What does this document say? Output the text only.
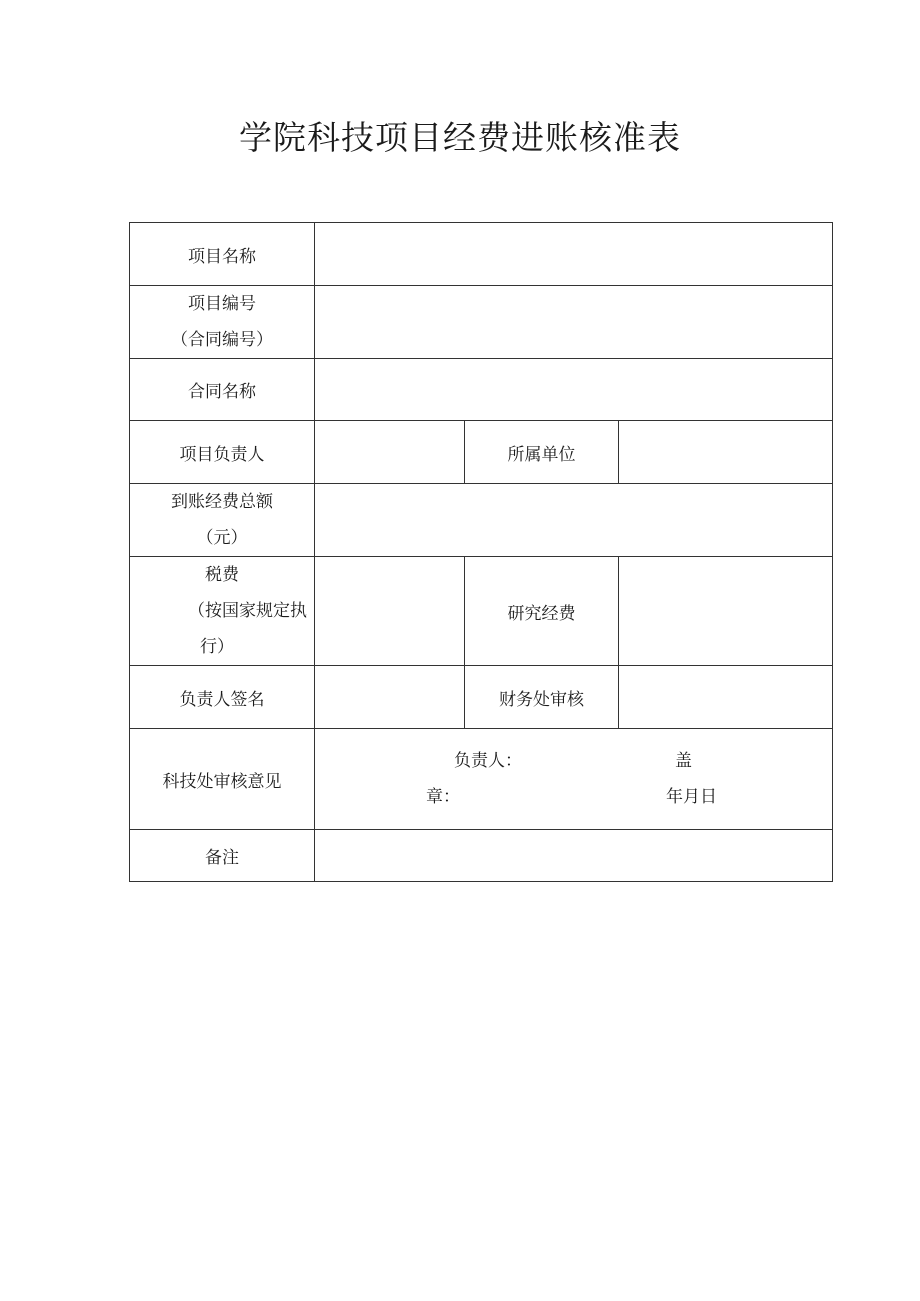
学院科技项目经费进账核准表
项目名称			

项目编号
（合同编号）			

合同名称			

项目负责人		所属单位	

到账经费总额
（元）			

税费
（按国家规定执
行）		研究经费	

负责人签名		财务处审核	

科技处审核意见	负责人： 盖
章： 年月日		

备注			
